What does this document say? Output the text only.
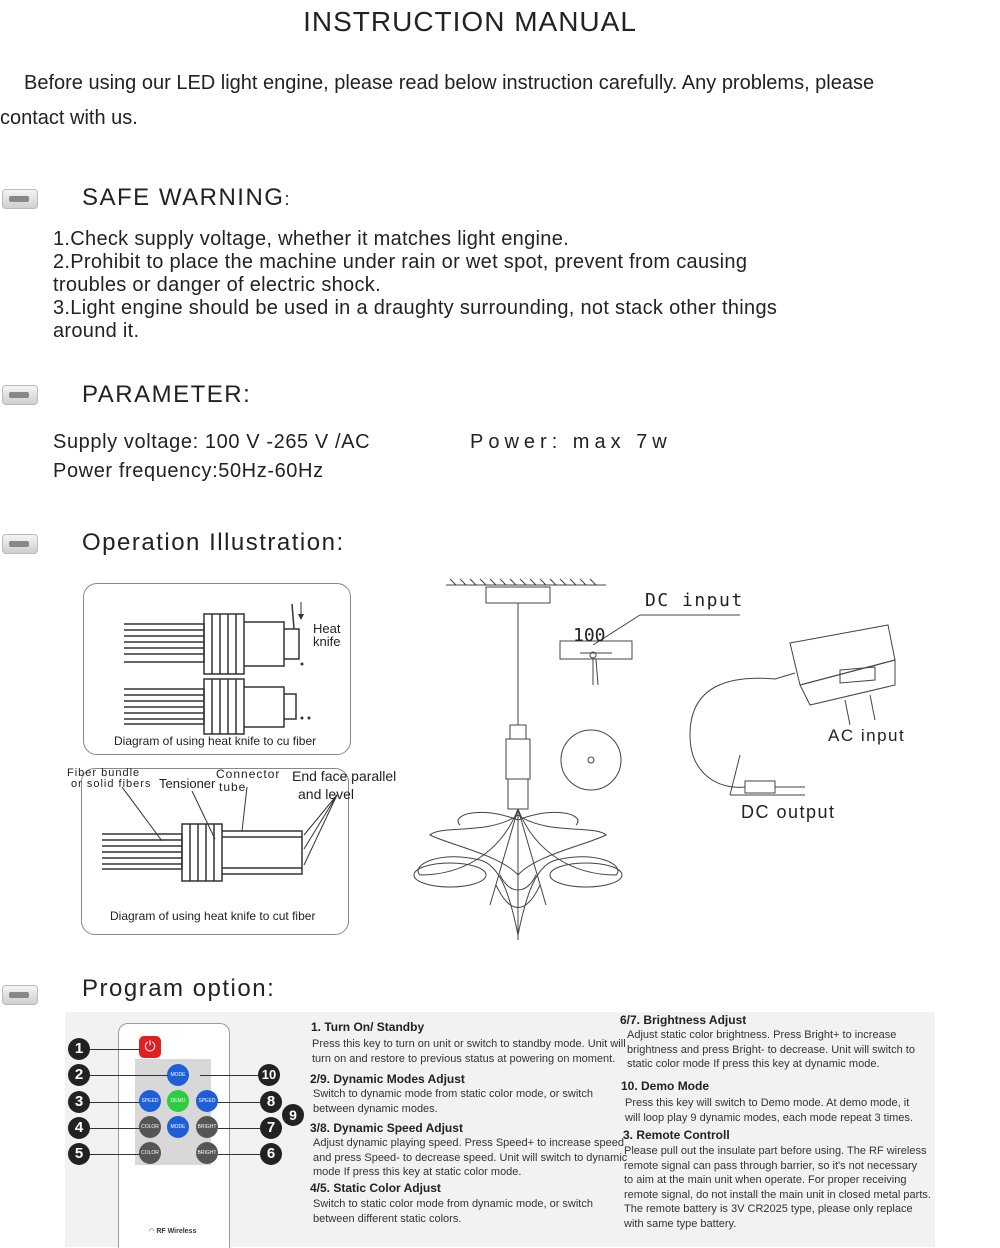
INSTRUCTION MANUAL
Before using our LED light engine, please read below instruction carefully. Any problems, please
contact with us.
SAFE WARNING:
1.Check supply voltage, whether it matches light engine.
2.Prohibit to place the machine under rain or wet spot, prevent from causing
troubles or danger of electric shock.
3.Light engine should be used in a draughty surrounding, not stack other things
around it.
PARAMETER:
Supply voltage: 100 V -265 V /AC	Power: max 7w
Power frequency:50Hz-60Hz
Operation Illustration:
Heat knife
Diagram of using heat knife to cu fiber
Diagram of using heat knife to cut fiber
Fiber bundle
or solid fibers Tensioner
Connector
tube
End face parallel
and level
DC input
100
AC input
DC output
Program option:
⏻
MODE
SPEED	DEMO	SPEED
COLOR	MODE	BRIGHT
COLOR	BRIGHT
◠ RF Wireless
1
2
3
4
5	6
7
8
9
10
1. Turn On/ Standby
Press this key to turn on unit or switch to standby mode. Unit will
turn on and restore to previous status at powering on moment.
2/9. Dynamic Modes Adjust
Switch to dynamic mode from static color mode, or switch
between dynamic modes.
3/8. Dynamic Speed Adjust
Adjust dynamic playing speed. Press Speed+ to increase speed
and press Speed- to decrease speed. Unit will switch to dynamic
mode If press this key at static color mode.
4/5. Static Color Adjust
Switch to static color mode from dynamic mode, or switch
between different static colors.
6/7. Brightness Adjust
Adjust static color brightness. Press Bright+ to increase
brightness and press Bright- to decrease. Unit will switch to
static color mode If press this key at dynamic mode.
10. Demo Mode
Press this key will switch to Demo mode. At demo mode, it
will loop play 9 dynamic modes, each mode repeat 3 times.
3. Remote Controll
Please pull out the insulate part before using. The RF wireless
remote signal can pass through barrier, so it's not necessary
to aim at the main unit when operate. For proper receiving
remote signal, do not install the main unit in closed metal parts.
The remote battery is 3V CR2025 type, please only replace
with same type battery.
